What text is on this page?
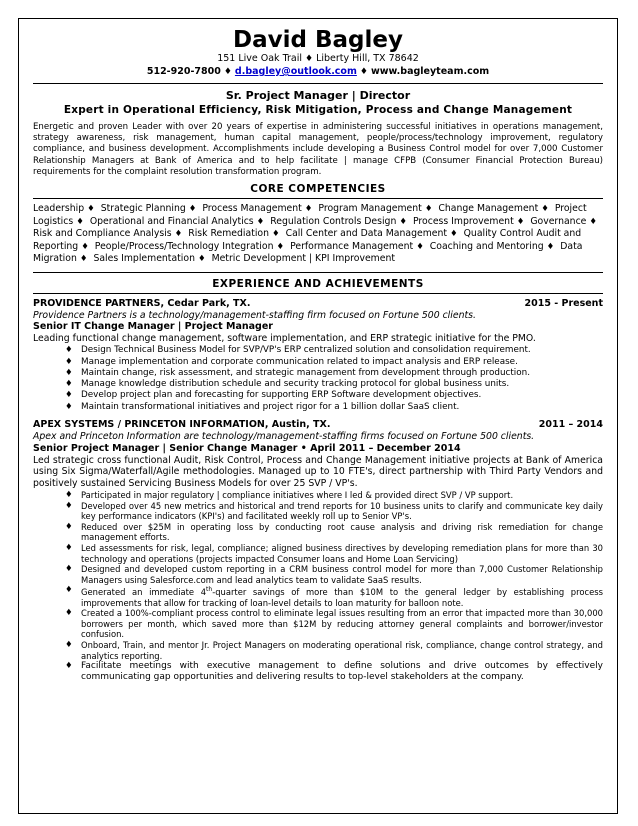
David Bagley
151 Live Oak Trail ♦ Liberty Hill, TX 78642
512-920-7800 ♦ d.bagley@outlook.com ♦ www.bagleyteam.com
Sr. Project Manager | Director
Expert in Operational Efficiency, Risk Mitigation, Process and Change Management
Energetic and proven Leader with over 20 years of expertise in administering successful initiatives in operations management, strategy awareness, risk management, human capital management, people/process/technology improvement, regulatory compliance, and business development. Accomplishments include developing a Business Control model for over 7,000 Customer Relationship Managers at Bank of America and to help facilitate | manage CFPB (Consumer Financial Protection Bureau) requirements for the complaint resolution transformation program.
CORE COMPETENCIES
Leadership ♦ Strategic Planning ♦ Process Management ♦ Program Management ♦ Change Management ♦ Project Logistics ♦ Operational and Financial Analytics ♦ Regulation Controls Design ♦ Process Improvement ♦ Governance ♦ Risk and Compliance Analysis ♦ Risk Remediation ♦ Call Center and Data Management ♦ Quality Control Audit and Reporting ♦ People/Process/Technology Integration ♦ Performance Management ♦ Coaching and Mentoring ♦ Data Migration ♦ Sales Implementation ♦ Metric Development | KPI Improvement
EXPERIENCE AND ACHIEVEMENTS
PROVIDENCE PARTNERS, Cedar Park, TX.	2015 - Present
Providence Partners is a technology/management-staffing firm focused on Fortune 500 clients.
Senior IT Change Manager | Project Manager
Leading functional change management, software implementation, and ERP strategic initiative for the PMO.
♦ Design Technical Business Model for SVP/VP's ERP centralized solution and consolidation requirement.
♦ Manage implementation and corporate communication related to impact analysis and ERP release.
♦ Maintain change, risk assessment, and strategic management from development through production.
♦ Manage knowledge distribution schedule and security tracking protocol for global business units.
♦ Develop project plan and forecasting for supporting ERP Software development objectives.
♦ Maintain transformational initiatives and project rigor for a 1 billion dollar SaaS client.
APEX SYSTEMS / PRINCETON INFORMATION, Austin, TX.	2011 – 2014
Apex and Princeton Information are technology/management-staffing firms focused on Fortune 500 clients.
Senior Project Manager | Senior Change Manager • April 2011 – December 2014
Led strategic cross functional Audit, Risk Control, Process and Change Management initiative projects at Bank of America using Six Sigma/Waterfall/Agile methodologies. Managed up to 10 FTE's, direct partnership with Third Party Vendors and positively sustained Servicing Business Models for over 25 SVP / VP's.
♦ Participated in major regulatory | compliance initiatives where I led & provided direct SVP / VP support.
♦ Developed over 45 new metrics and historical and trend reports for 10 business units to clarify and communicate key daily key performance indicators (KPI's) and facilitated weekly roll up to Senior VP's.
♦ Reduced over $25M in operating loss by conducting root cause analysis and driving risk remediation for change management efforts.
♦ Led assessments for risk, legal, compliance; aligned business directives by developing remediation plans for more than 30 technology and operations (projects impacted Consumer loans and Home Loan Servicing)
♦ Designed and developed custom reporting in a CRM business control model for more than 7,000 Customer Relationship Managers using Salesforce.com and lead analytics team to validate SaaS results.
♦ Generated an immediate 4th-quarter savings of more than $10M to the general ledger by establishing process improvements that allow for tracking of loan-level details to loan maturity for balloon note.
♦ Created a 100%-compliant process control to eliminate legal issues resulting from an error that impacted more than 30,000 borrowers per month, which saved more than $12M by reducing attorney general complaints and borrower/investor confusion.
♦ Onboard, Train, and mentor Jr. Project Managers on moderating operational risk, compliance, change control strategy, and analytics reporting.
♦ Facilitate meetings with executive management to define solutions and drive outcomes by effectively communicating gap opportunities and delivering results to top-level stakeholders at the company.
